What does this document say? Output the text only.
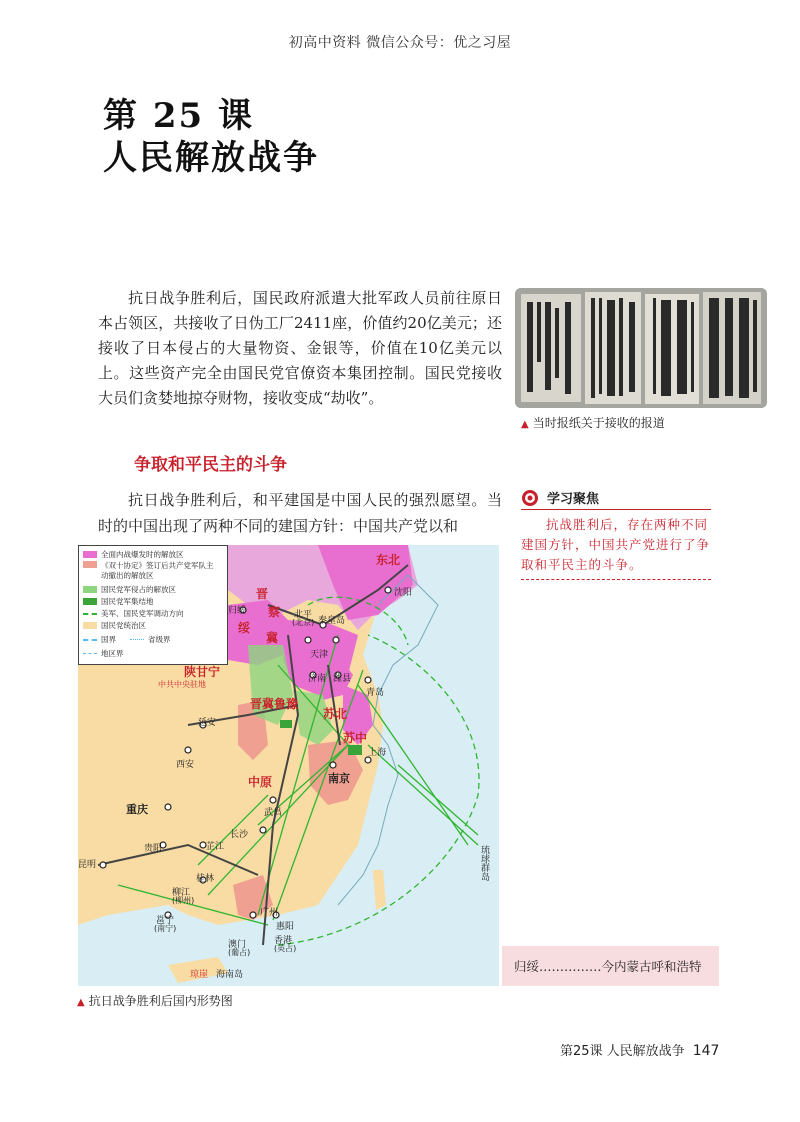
初高中资料 微信公众号：优之习屋
第 25 课
人民解放战争
抗日战争胜利后，国民政府派遣大批军政人员前往原日本占领区，共接收了日伪工厂2411座，价值约20亿美元；还接收了日本侵占的大量物资、金银等，价值在10亿美元以上。这些资产完全由国民党官僚资本集团控制。国民党接收大员们贪婪地掠夺财物，接收变成“劫收”。
▲ 当时报纸关于接收的报道
争取和平民主的斗争
抗日战争胜利后，和平建国是中国人民的强烈愿望。当时的中国出现了两种不同的建国方针：中国共产党以和
学习聚焦
抗战胜利后，存在两种不同建国方针，中国共产党进行了争取和平民主的斗争。
全面内战爆发时的解放区
《双十协定》签订后共产党军队主动撤出的解放区
国民党军侵占的解放区
国民党军集结地
美军、国民党军调动方向
国民党统治区
国界	省级界
地区界
东北
晋
察
绥
冀
陕甘宁
中共中央驻地
晋冀鲁豫
苏北
苏中
中原
沈阳
北平
(北京) 秦皇岛
归绥
天津
济南 潍县
青岛
延安
西安
南京
上海
武昌
重庆
长沙
芷江
贵阳
桂林
昆明
柳江
(柳州)
邕宁
(南宁)
广州
惠阳
澳门
(葡占)
香港
(英占)
琼崖 海南岛
琉球群岛
▲ 抗日战争胜利后国内形势图
归绥……………今内蒙古呼和浩特
第25课 人民解放战争 147
